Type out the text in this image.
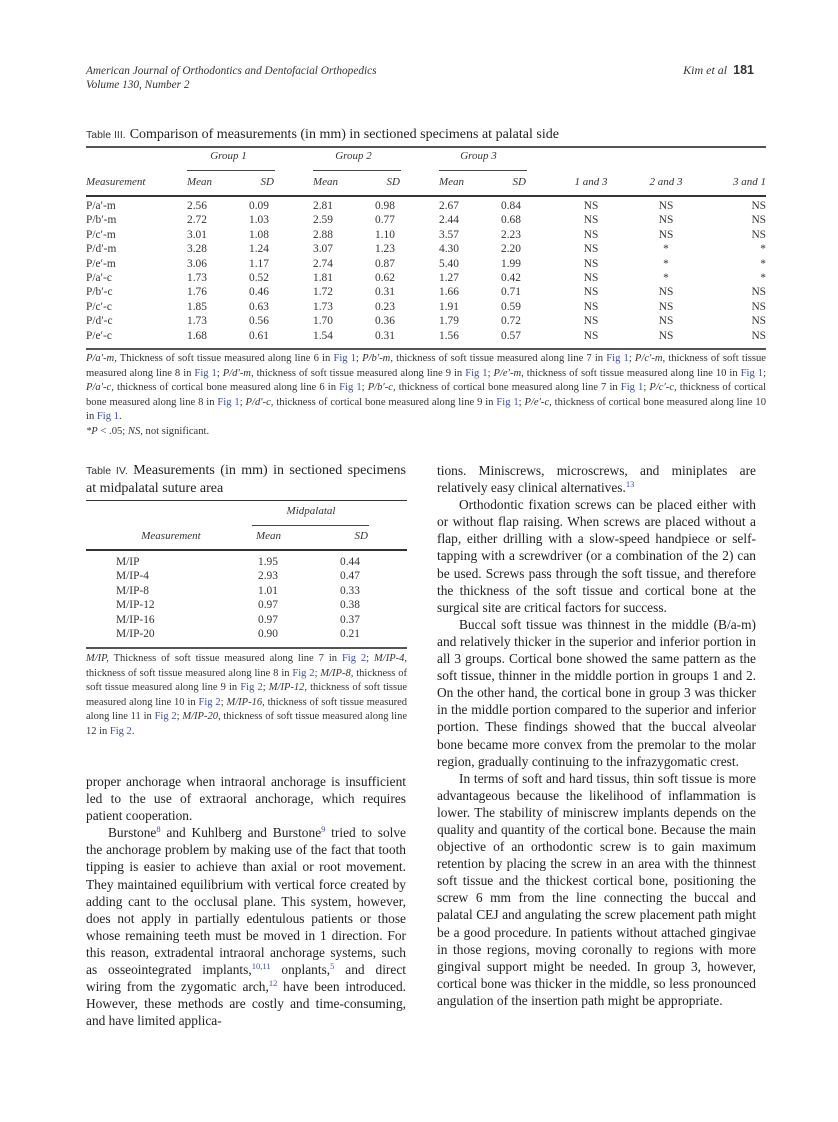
American Journal of Orthodontics and Dentofacial Orthopedics
Volume 130, Number 2
Kim et al 181
Table III. Comparison of measurements (in mm) in sectioned specimens at palatal side
Group 1	Group 2	Group 3
Measurement	Mean	SD	Mean	SD	Mean	SD	1 and 3	2 and 3	3 and 1
P/a′-m	2.56	0.09	2.81	0.98	2.67	0.84	NS	NS	NS
P/b′-m	2.72	1.03	2.59	0.77	2.44	0.68	NS	NS	NS
P/c′-m	3.01	1.08	2.88	1.10	3.57	2.23	NS	NS	NS
P/d′-m	3.28	1.24	3.07	1.23	4.30	2.20	NS	*	*
P/e′-m	3.06	1.17	2.74	0.87	5.40	1.99	NS	*	*
P/a′-c	1.73	0.52	1.81	0.62	1.27	0.42	NS	*	*
P/b′-c	1.76	0.46	1.72	0.31	1.66	0.71	NS	NS	NS
P/c′-c	1.85	0.63	1.73	0.23	1.91	0.59	NS	NS	NS
P/d′-c	1.73	0.56	1.70	0.36	1.79	0.72	NS	NS	NS
P/e′-c	1.68	0.61	1.54	0.31	1.56	0.57	NS	NS	NS
P/a′-m, Thickness of soft tissue measured along line 6 in Fig 1; P/b′-m, thickness of soft tissue measured along line 7 in Fig 1; P/c′-m, thickness of soft tissue measured along line 8 in Fig 1; P/d′-m, thickness of soft tissue measured along line 9 in Fig 1; P/e′-m, thickness of soft tissue measured along line 10 in Fig 1; P/a′-c, thickness of cortical bone measured along line 6 in Fig 1; P/b′-c, thickness of cortical bone measured along line 7 in Fig 1; P/c′-c, thickness of cortical bone measured along line 8 in Fig 1; P/d′-c, thickness of cortical bone measured along line 9 in Fig 1; P/e′-c, thickness of cortical bone measured along line 10 in Fig 1.
*P < .05; NS, not significant.
Table IV. Measurements (in mm) in sectioned specimens at midpalatal suture area
Midpalatal
Measurement	Mean	SD
M/IP	1.95	0.44
M/IP-4	2.93	0.47
M/IP-8	1.01	0.33
M/IP-12	0.97	0.38
M/IP-16	0.97	0.37
M/IP-20	0.90	0.21
M/IP, Thickness of soft tissue measured along line 7 in Fig 2; M/IP-4, thickness of soft tissue measured along line 8 in Fig 2; M/IP-8, thickness of soft tissue measured along line 9 in Fig 2; M/IP-12, thickness of soft tissue measured along line 10 in Fig 2; M/IP-16, thickness of soft tissue measured along line 11 in Fig 2; M/IP-20, thickness of soft tissue measured along line 12 in Fig 2.

proper anchorage when intraoral anchorage is insufficient led to the use of extraoral anchorage, which requires patient cooperation.

Burstone$^8$ and Kuhlberg and Burstone$^9$ tried to solve the anchorage problem by making use of the fact that tooth tipping is easier to achieve than axial or root movement. They maintained equilibrium with vertical force created by adding cant to the occlusal plane. This system, however, does not apply in partially edentulous patients or those whose remaining teeth must be moved in 1 direction. For this reason, extradental intraoral anchorage systems, such as osseointegrated implants,$^{10,11}$ onplants,$^5$ and direct wiring from the zygomatic arch,$^{12}$ have been introduced. However, these methods are costly and time-consuming, and have limited applica-

tions. Miniscrews, microscrews, and miniplates are relatively easy clinical alternatives.$^{13}$

Orthodontic fixation screws can be placed either with or without flap raising. When screws are placed without a flap, either drilling with a slow-speed handpiece or self-tapping with a screwdriver (or a combination of the 2) can be used. Screws pass through the soft tissue, and therefore the thickness of the soft tissue and cortical bone at the surgical site are critical factors for success.

Buccal soft tissue was thinnest in the middle (B/a-m) and relatively thicker in the superior and inferior portion in all 3 groups. Cortical bone showed the same pattern as the soft tissue, thinner in the middle portion in groups 1 and 2. On the other hand, the cortical bone in group 3 was thicker in the middle portion compared to the superior and inferior portion. These findings showed that the buccal alveolar bone became more convex from the premolar to the molar region, gradually continuing to the infrazygomatic crest.

In terms of soft and hard tissus, thin soft tissue is more advantageous because the likelihood of inflammation is lower. The stability of miniscrew implants depends on the quality and quantity of the cortical bone. Because the main objective of an orthodontic screw is to gain maximum retention by placing the screw in an area with the thinnest soft tissue and the thickest cortical bone, positioning the screw 6 mm from the line connecting the buccal and palatal CEJ and angulating the screw placement path might be a good procedure. In patients without attached gingivae in those regions, moving coronally to regions with more gingival support might be needed. In group 3, however, cortical bone was thicker in the middle, so less pronounced angulation of the insertion path might be appropriate.
